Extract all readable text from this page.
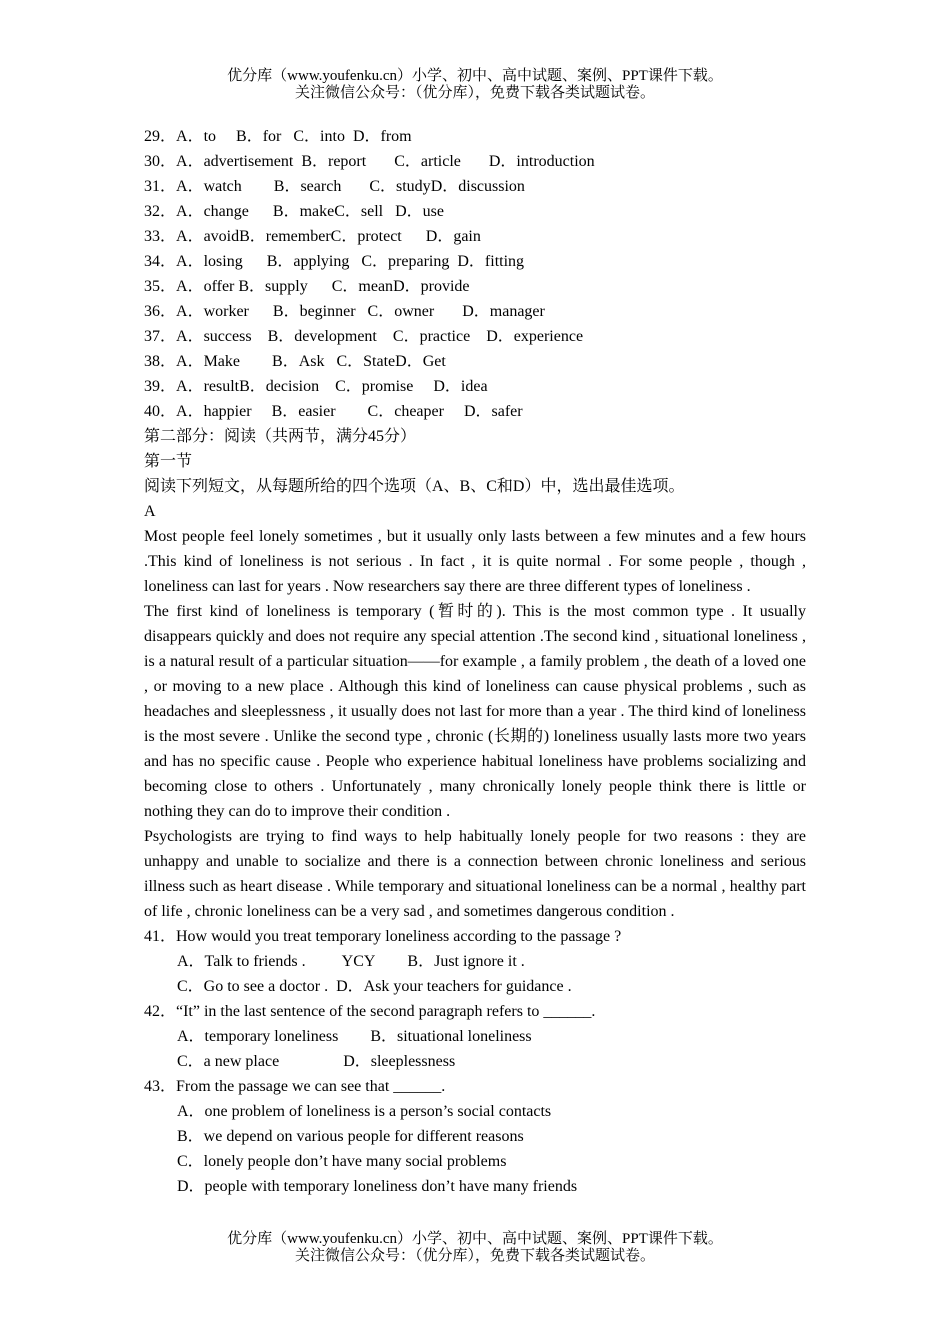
优分库（www.youfenku.cn）小学、初中、高中试题、案例、PPT课件下载。
关注微信公众号：（优分库），免费下载各类试题试卷。
29．A．to B．for C．into D．from
30．A．advertisement B．report C．article D．introduction
31．A．watch B．search C．studyD．discussion
32．A．change B．makeC．sell D．use
33．A．avoidB．rememberC．protect D．gain
34．A．losing B．applying C．preparing D．fitting
35．A．offer B．supply C．meanD．provide
36．A．worker B．beginner C．owner D．manager
37．A．success B．development C．practice D．experience
38．A．Make B．Ask C．StateD．Get
39．A．resultB．decision C．promise D．idea
40．A．happier B．easier C．cheaper D．safer
第二部分：阅读（共两节，满分45分）
第一节
阅读下列短文，从每题所给的四个选项（A、B、C和D）中，选出最佳选项。
A

Most people feel lonely sometimes , but it usually only lasts between a few minutes and a few hours .This kind of loneliness is not serious . In fact , it is quite normal . For some people , though , loneliness can last for years . Now researchers say there are three different types of loneliness .

The first kind of loneliness is temporary (暂时的). This is the most common type . It usually disappears quickly and does not require any special attention .The second kind , situational loneliness , is a natural result of a particular situation——for example , a family problem , the death of a loved one , or moving to a new place . Although this kind of loneliness can cause physical problems , such as headaches and sleeplessness , it usually does not last for more than a year . The third kind of loneliness is the most severe . Unlike the second type , chronic (长期的) loneliness usually lasts more two years and has no specific cause . People who experience habitual loneliness have problems socializing and becoming close to others . Unfortunately , many chronically lonely people think there is little or nothing they can do to improve their condition .

Psychologists are trying to find ways to help habitually lonely people for two reasons : they are unhappy and unable to socialize and there is a connection between chronic loneliness and serious illness such as heart disease . While temporary and situational loneliness can be a normal , healthy part of life , chronic loneliness can be a very sad , and sometimes dangerous condition .

41．How would you treat temporary loneliness according to the passage ?
A．Talk to friends . YCY B．Just ignore it .
C．Go to see a doctor . D．Ask your teachers for guidance .
42．“It” in the last sentence of the second paragraph refers to ______.
A．temporary loneliness B．situational loneliness
C．a new place	D．sleeplessness
43．From the passage we can see that ______.
A．one problem of loneliness is a person’s social contacts
B．we depend on various people for different reasons
C．lonely people don’t have many social problems
D．people with temporary loneliness don’t have many friends
优分库（www.youfenku.cn）小学、初中、高中试题、案例、PPT课件下载。
关注微信公众号：（优分库），免费下载各类试题试卷。
